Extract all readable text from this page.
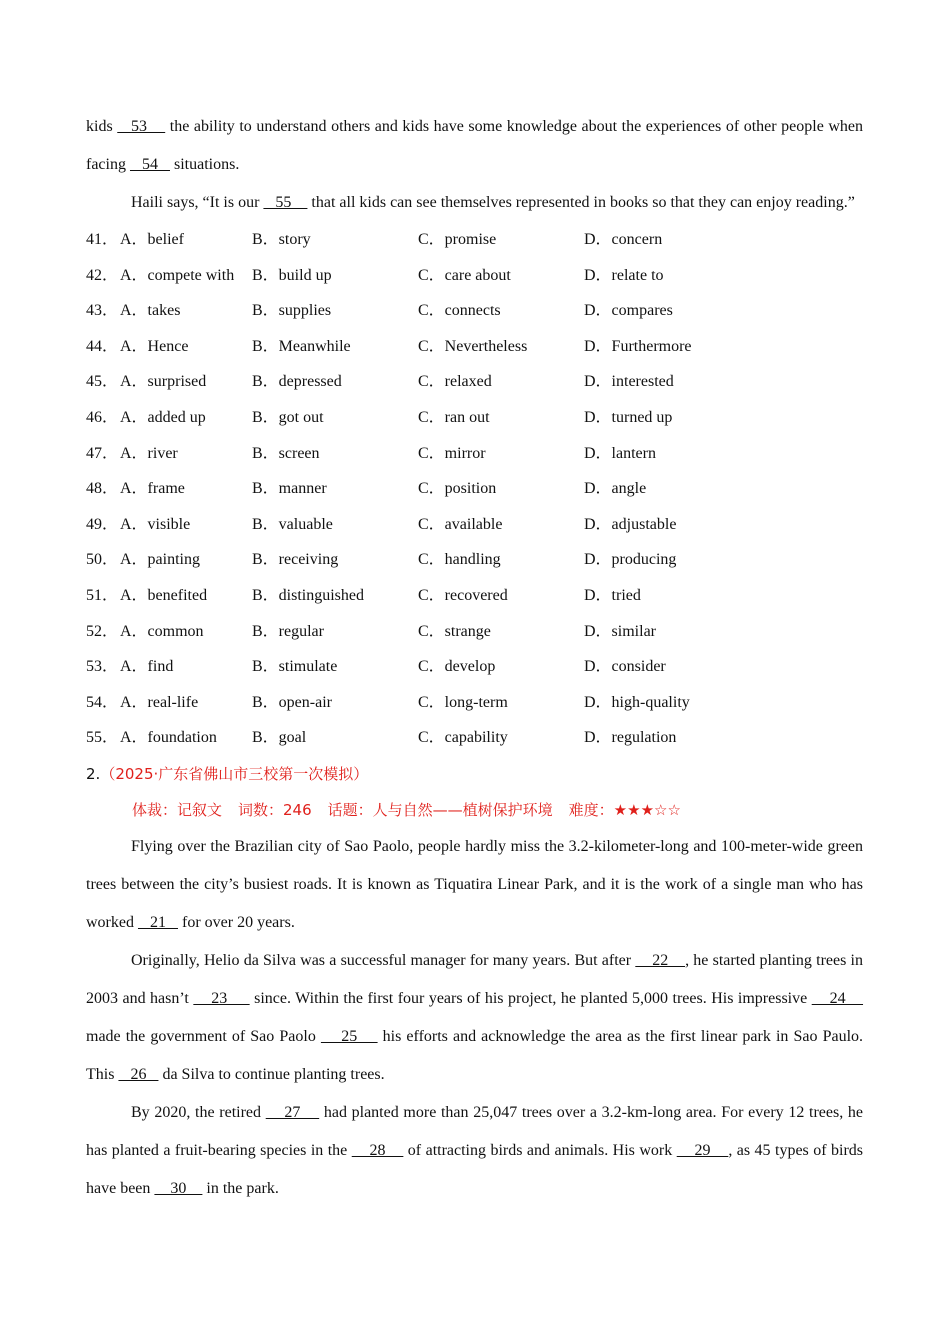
kids    53     the ability to understand others and kids have some knowledge about the experiences of other people when facing    54    situations.

Haili says, “It is our    55     that all kids can see themselves represented in books so that they can enjoy reading.”

41． A．belief	B．story	C．promise	D．concern
42． A．compete with B．build up	C．care about	D．relate to
43． A．takes	B．supplies	C．connects	D．compares
44． A．Hence	B．Meanwhile	C．Nevertheless	D．Furthermore
45． A．surprised	B．depressed	C．relaxed	D．interested
46． A．added up	B．got out	C．ran out	D．turned up
47． A．river	B．screen	C．mirror	D．lantern
48． A．frame	B．manner	C．position	D．angle
49． A．visible	B．valuable	C．available	D．adjustable
50． A．painting	B．receiving	C．handling	D．producing
51． A．benefited	B．distinguished	C．recovered	D．tried
52． A．common	B．regular	C．strange	D．similar
53． A．find	B．stimulate	C．develop	D．consider
54． A．real-life	B．open-air	C．long-term	D．high-quality
55． A．foundation B．goal	C．capability	D．regulation

2.（2025·广东省佛山市三校第一次模拟）

体裁：记叙文 词数：246 话题：人与自然——植树保护环境 难度：★★★☆☆

Flying over the Brazilian city of Sao Paolo, people hardly miss the 3.2-kilometer-long and 100-meter-wide green trees between the city’s busiest roads. It is known as Tiquatira Linear Park, and it is the work of a single man who has worked    21    for over 20 years.

Originally, Helio da Silva was a successful manager for many years. But after     22    , he started planting trees in 2003 and hasn’t     23      since. Within the first four years of his project, he planted 5,000 trees. His impressive     24     made the government of Sao Paolo     25     his efforts and acknowledge the area as the first linear park in Sao Paulo. This    26    da Silva to continue planting trees.

By 2020, the retired     27     had planted more than 25,047 trees over a 3.2-km-long area. For every 12 trees, he has planted a fruit-bearing species in the     28     of attracting birds and animals. His work     29    , as 45 types of birds have been     30     in the park.
